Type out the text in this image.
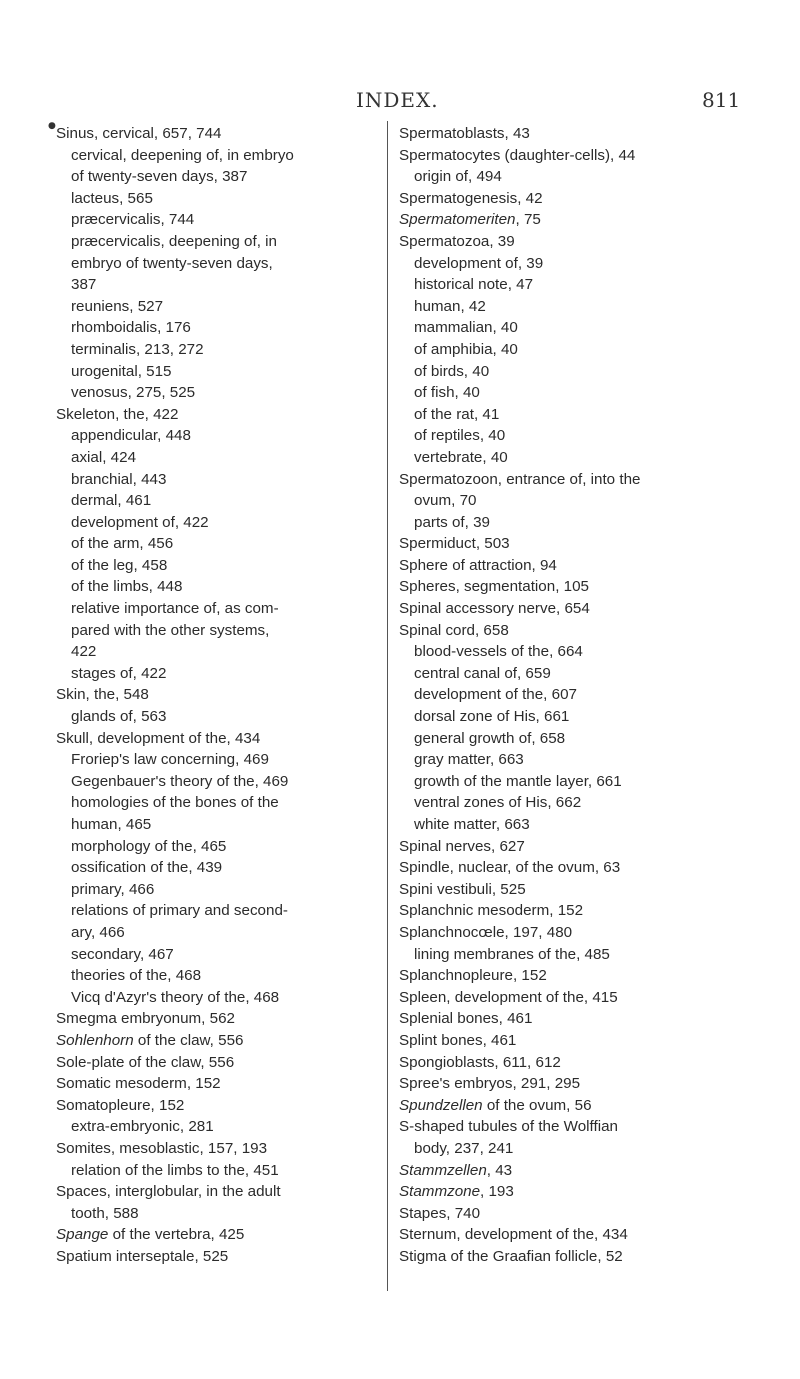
INDEX.	811
● Sinus, cervical, 657, 744
cervical, deepening of, in embryo
of twenty-seven days, 387
lacteus, 565
præcervicalis, 744
præcervicalis, deepening of, in
embryo of twenty-seven days,
387
reuniens, 527
rhomboidalis, 176
terminalis, 213, 272
urogenital, 515
venosus, 275, 525
Skeleton, the, 422
appendicular, 448
axial, 424
branchial, 443
dermal, 461
development of, 422
of the arm, 456
of the leg, 458
of the limbs, 448
relative importance of, as com-
pared with the other systems,
422
stages of, 422
Skin, the, 548
glands of, 563
Skull, development of the, 434
Froriep's law concerning, 469
Gegenbauer's theory of the, 469
homologies of the bones of the
human, 465
morphology of the, 465
ossification of the, 439
primary, 466
relations of primary and second-
ary, 466
secondary, 467
theories of the, 468
Vicq d'Azyr's theory of the, 468
Smegma embryonum, 562
Sohlenhorn of the claw, 556
Sole-plate of the claw, 556
Somatic mesoderm, 152
Somatopleure, 152
extra-embryonic, 281
Somites, mesoblastic, 157, 193
relation of the limbs to the, 451
Spaces, interglobular, in the adult
tooth, 588
Spange of the vertebra, 425
Spatium interseptale, 525
Spermatoblasts, 43
Spermatocytes (daughter-cells), 44
origin of, 494
Spermatogenesis, 42
Spermatomeriten, 75
Spermatozoa, 39
development of, 39
historical note, 47
human, 42
mammalian, 40
of amphibia, 40
of birds, 40
of fish, 40
of the rat, 41
of reptiles, 40
vertebrate, 40
Spermatozoon, entrance of, into the
ovum, 70
parts of, 39
Spermiduct, 503
Sphere of attraction, 94
Spheres, segmentation, 105
Spinal accessory nerve, 654
Spinal cord, 658
blood-vessels of the, 664
central canal of, 659
development of the, 607
dorsal zone of His, 661
general growth of, 658
gray matter, 663
growth of the mantle layer, 661
ventral zones of His, 662
white matter, 663
Spinal nerves, 627
Spindle, nuclear, of the ovum, 63
Spini vestibuli, 525
Splanchnic mesoderm, 152
Splanchnocœle, 197, 480
lining membranes of the, 485
Splanchnopleure, 152
Spleen, development of the, 415
Splenial bones, 461
Splint bones, 461
Spongioblasts, 611, 612
Spree's embryos, 291, 295
Spundzellen of the ovum, 56
S-shaped tubules of the Wolffian
body, 237, 241
Stammzellen, 43
Stammzone, 193
Stapes, 740
Sternum, development of the, 434
Stigma of the Graafian follicle, 52
